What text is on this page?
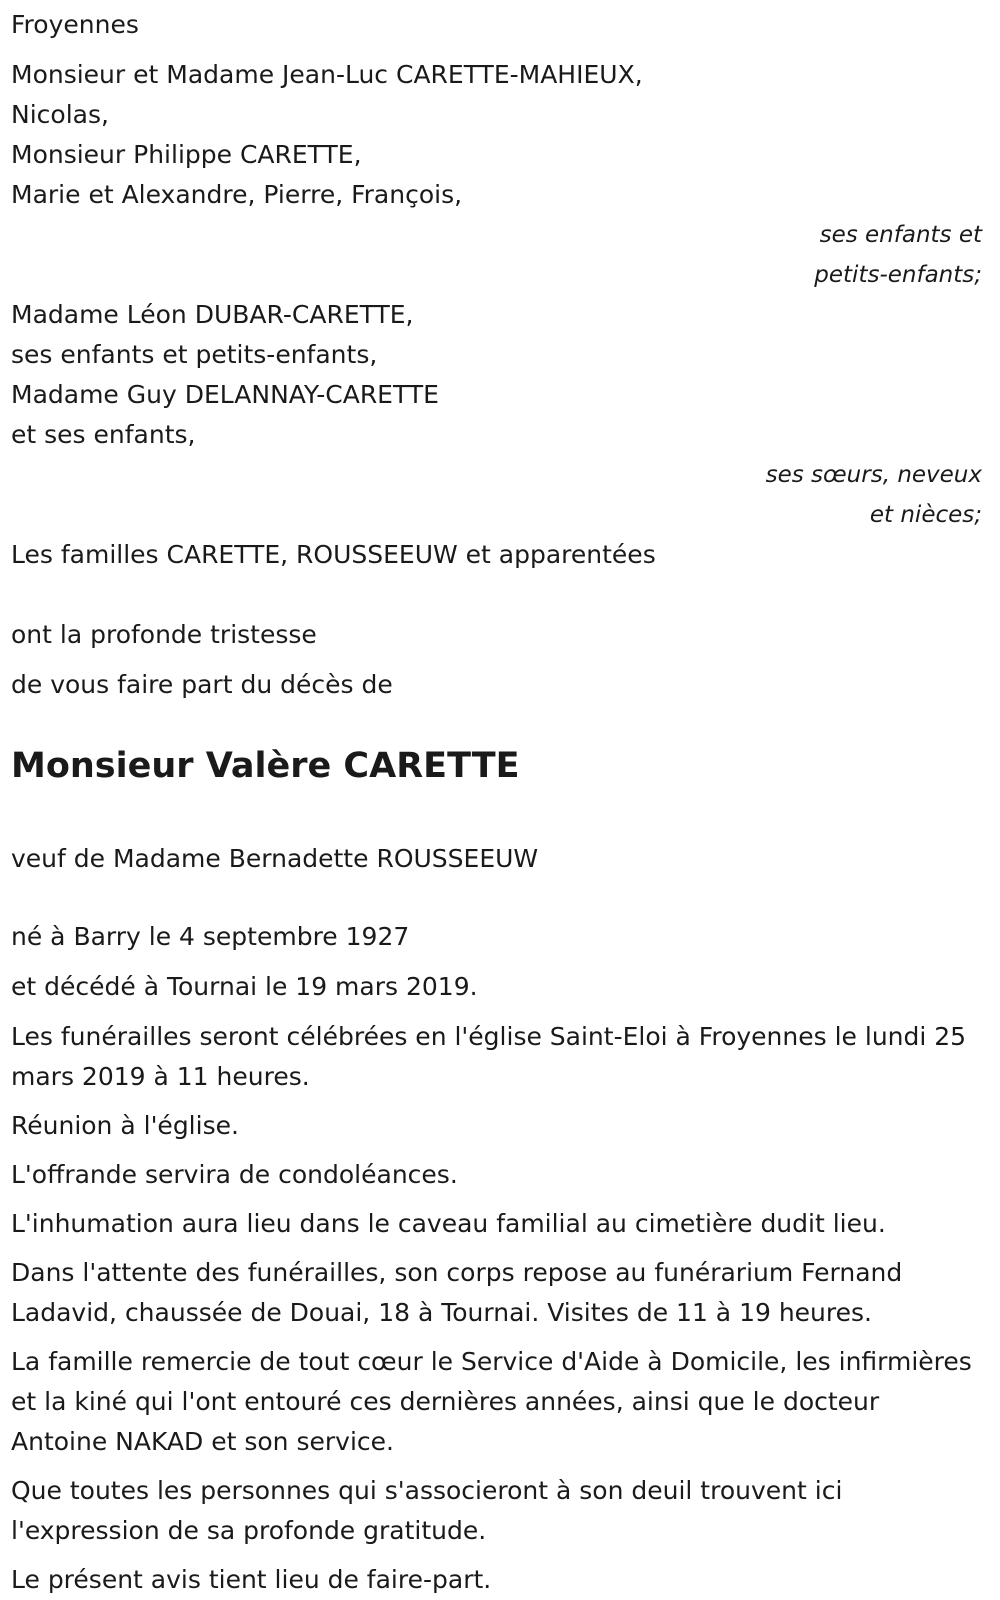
Froyennes
Monsieur et Madame Jean-Luc CARETTE-MAHIEUX,
Nicolas,
Monsieur Philippe CARETTE,
Marie et Alexandre, Pierre, François,
ses enfants et
petits-enfants;
Madame Léon DUBAR-CARETTE,
ses enfants et petits-enfants,
Madame Guy DELANNAY-CARETTE
et ses enfants,
ses sœurs, neveux
et nièces;
Les familles CARETTE, ROUSSEEUW et apparentées
ont la profonde tristesse
de vous faire part du décès de
Monsieur Valère CARETTE
veuf de Madame Bernadette ROUSSEEUW
né à Barry le 4 septembre 1927
et décédé à Tournai le 19 mars 2019.

Les funérailles seront célébrées en l'église Saint-Eloi à Froyennes le lundi 25 mars 2019 à 11 heures.

Réunion à l'église.

L'offrande servira de condoléances.

L'inhumation aura lieu dans le caveau familial au cimetière dudit lieu.

Dans l'attente des funérailles, son corps repose au funérarium Fernand Ladavid, chaussée de Douai, 18 à Tournai. Visites de 11 à 19 heures.

La famille remercie de tout cœur le Service d'Aide à Domicile, les infirmières et la kiné qui l'ont entouré ces dernières années, ainsi que le docteur Antoine NAKAD et son service.

Que toutes les personnes qui s'associeront à son deuil trouvent ici l'expression de sa profonde gratitude.

Le présent avis tient lieu de faire-part.
